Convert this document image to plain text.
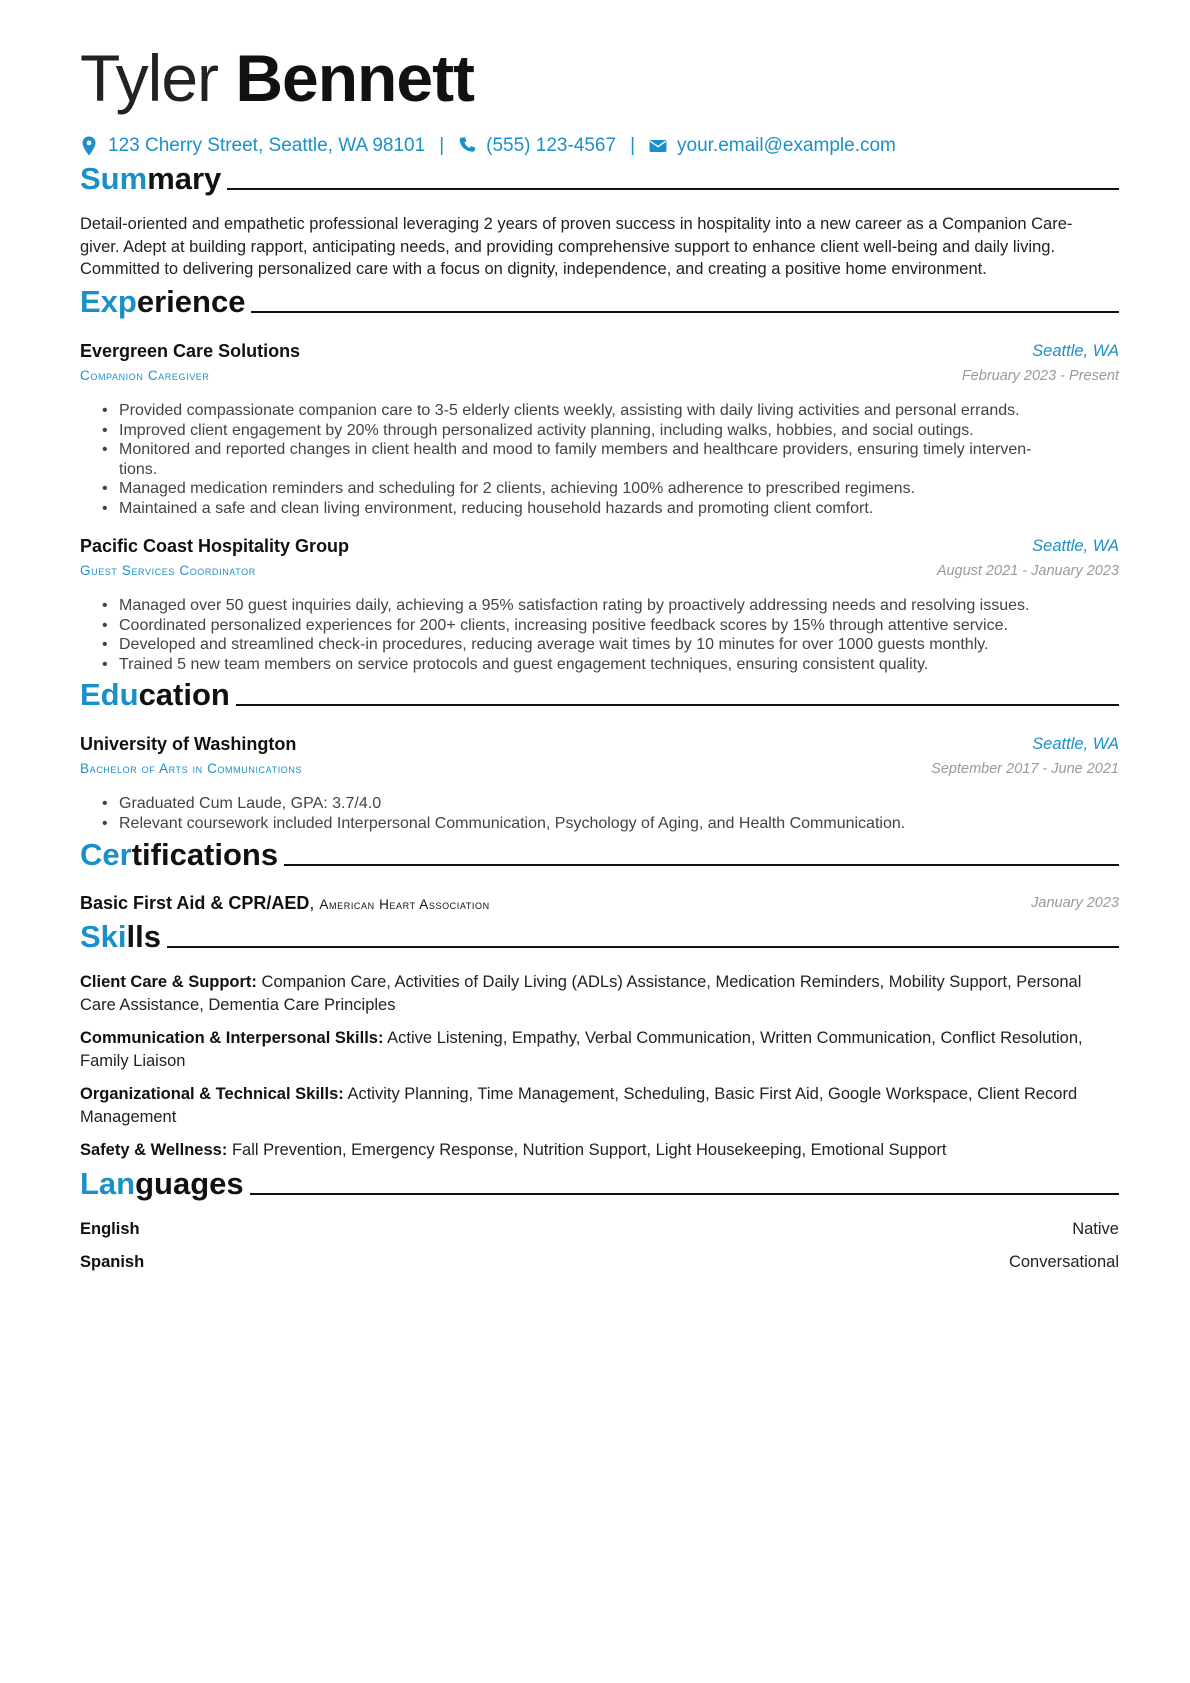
Tyler Bennett
123 Cherry Street, Seattle, WA 98101 | (555) 123-4567 | your.email@example.com
Summary
Detail-oriented and empathetic professional leveraging 2 years of proven success in hospitality into a new career as a Companion Care-
giver. Adept at building rapport, anticipating needs, and providing comprehensive support to enhance client well-being and daily living.
Committed to delivering personalized care with a focus on dignity, independence, and creating a positive home environment.
Experience
Evergreen Care Solutions	Seattle, WA
Companion Caregiver	February 2023 - Present
• Provided compassionate companion care to 3-5 elderly clients weekly, assisting with daily living activities and personal errands.
• Improved client engagement by 20% through personalized activity planning, including walks, hobbies, and social outings.
• Monitored and reported changes in client health and mood to family members and healthcare providers, ensuring timely interven-
tions.
• Managed medication reminders and scheduling for 2 clients, achieving 100% adherence to prescribed regimens.
• Maintained a safe and clean living environment, reducing household hazards and promoting client comfort.
Pacific Coast Hospitality Group	Seattle, WA
Guest Services Coordinator	August 2021 - January 2023
• Managed over 50 guest inquiries daily, achieving a 95% satisfaction rating by proactively addressing needs and resolving issues.
• Coordinated personalized experiences for 200+ clients, increasing positive feedback scores by 15% through attentive service.
• Developed and streamlined check-in procedures, reducing average wait times by 10 minutes for over 1000 guests monthly.
• Trained 5 new team members on service protocols and guest engagement techniques, ensuring consistent quality.
Education
University of Washington	Seattle, WA
Bachelor of Arts in Communications	September 2017 - June 2021
• Graduated Cum Laude, GPA: 3.7/4.0
• Relevant coursework included Interpersonal Communication, Psychology of Aging, and Health Communication.
Certifications
Basic First Aid & CPR/AED, American Heart Association	January 2023
Skills
Client Care & Support: Companion Care, Activities of Daily Living (ADLs) Assistance, Medication Reminders, Mobility Support, Personal Care Assistance, Dementia Care Principles
Communication & Interpersonal Skills: Active Listening, Empathy, Verbal Communication, Written Communication, Conflict Resolution, Family Liaison
Organizational & Technical Skills: Activity Planning, Time Management, Scheduling, Basic First Aid, Google Workspace, Client Record Management
Safety & Wellness: Fall Prevention, Emergency Response, Nutrition Support, Light Housekeeping, Emotional Support
Languages
English	Native
Spanish	Conversational
